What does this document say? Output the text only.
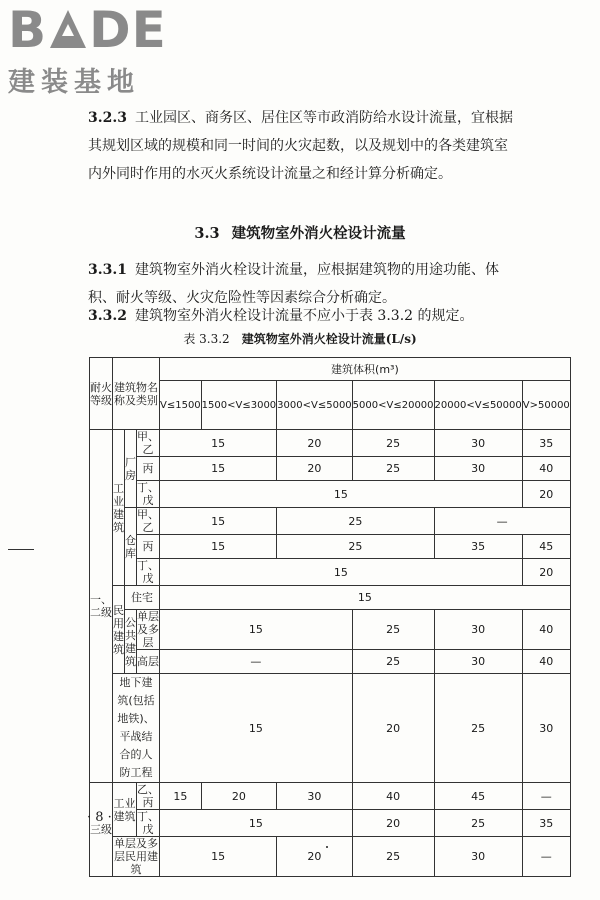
B DE
建装基地
3.2.3 工业园区、商务区、居住区等市政消防给水设计流量，宜根据其规划区域的规模和同一时间的火灾起数，以及规划中的各类建筑室内外同时作用的水灭火系统设计流量之和经计算分析确定。
3.3 建筑物室外消火栓设计流量
3.3.1 建筑物室外消火栓设计流量，应根据建筑物的用途功能、体积、耐火等级、火灾危险性等因素综合分析确定。
3.3.2 建筑物室外消火栓设计流量不应小于表 3.3.2 的规定。
表 3.3.2 建筑物室外消火栓设计流量(L/s)
耐火等级	建筑物名称及类别			建筑体积(m³)					
				V≤1500	1500<V≤3000	3000<V≤5000	5000<V≤20000	20000<V≤50000	V>50000
一、二级	工业建筑	厂房	甲、乙	15		20	25	30	35
			丙	15		20	25	30	40
			丁、戊	15					20
		仓库	甲、乙	15		25		—	
			丙	15		25		35	45
			丁、戊	15					20
	民用建筑	住宅		15					
		公共建筑	单层及多层	15			25	30	40
			高层	—			25	30	40
	地下建筑(包括地铁)、平战结合的人防工程			15			20	25	30

三级	工业建筑		乙、丙	15	20	30	40	45	—
			丁、戊	15			20	25	35
	单层及多层民用建筑			15		20	25	30	—
· 8 ·
